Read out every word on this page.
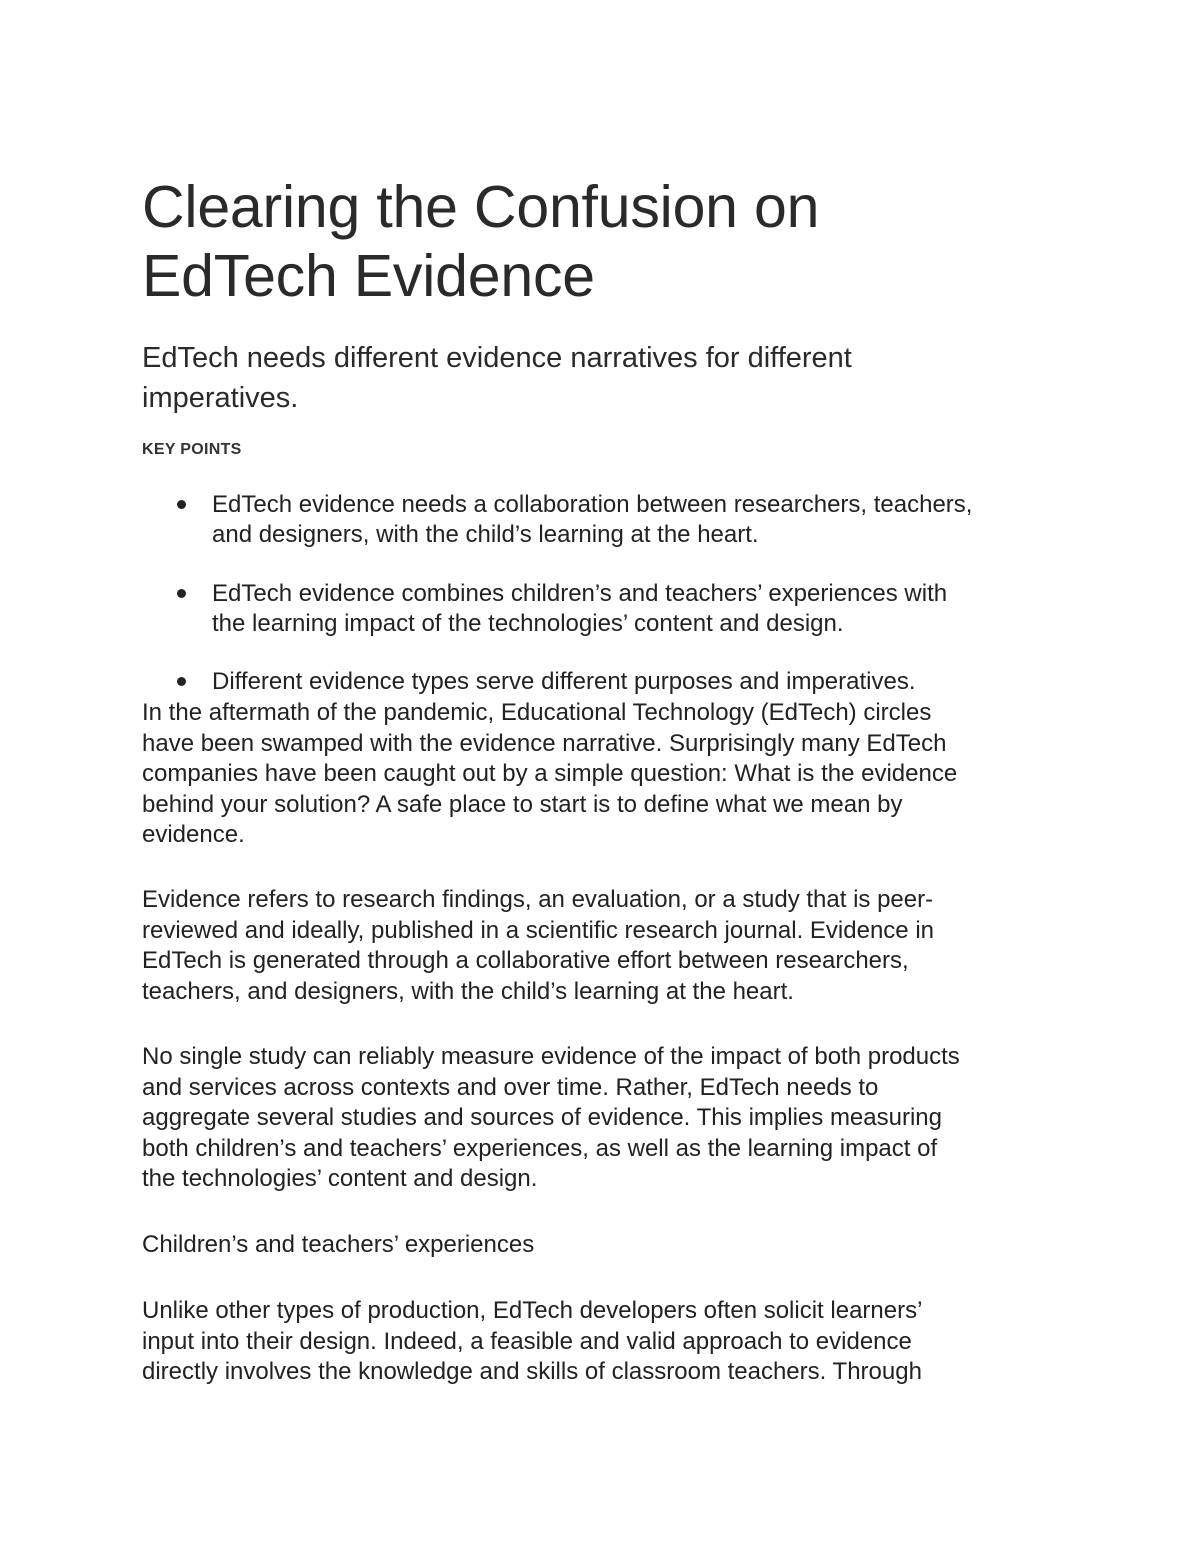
Clearing the Confusion on
EdTech Evidence
EdTech needs different evidence narratives for different
imperatives.
KEY POINTS
EdTech evidence needs a collaboration between researchers, teachers,
and designers, with the child’s learning at the heart.
EdTech evidence combines children’s and teachers’ experiences with
the learning impact of the technologies’ content and design.
Different evidence types serve different purposes and imperatives.

In the aftermath of the pandemic, Educational Technology (EdTech) circles
have been swamped with the evidence narrative. Surprisingly many EdTech
companies have been caught out by a simple question: What is the evidence
behind your solution? A safe place to start is to define what we mean by
evidence.

Evidence refers to research findings, an evaluation, or a study that is peer-
reviewed and ideally, published in a scientific research journal. Evidence in
EdTech is generated through a collaborative effort between researchers,
teachers, and designers, with the child’s learning at the heart.

No single study can reliably measure evidence of the impact of both products
and services across contexts and over time. Rather, EdTech needs to
aggregate several studies and sources of evidence. This implies measuring
both children’s and teachers’ experiences, as well as the learning impact of
the technologies’ content and design.

Children’s and teachers’ experiences

Unlike other types of production, EdTech developers often solicit learners’
input into their design. Indeed, a feasible and valid approach to evidence
directly involves the knowledge and skills of classroom teachers. Through
